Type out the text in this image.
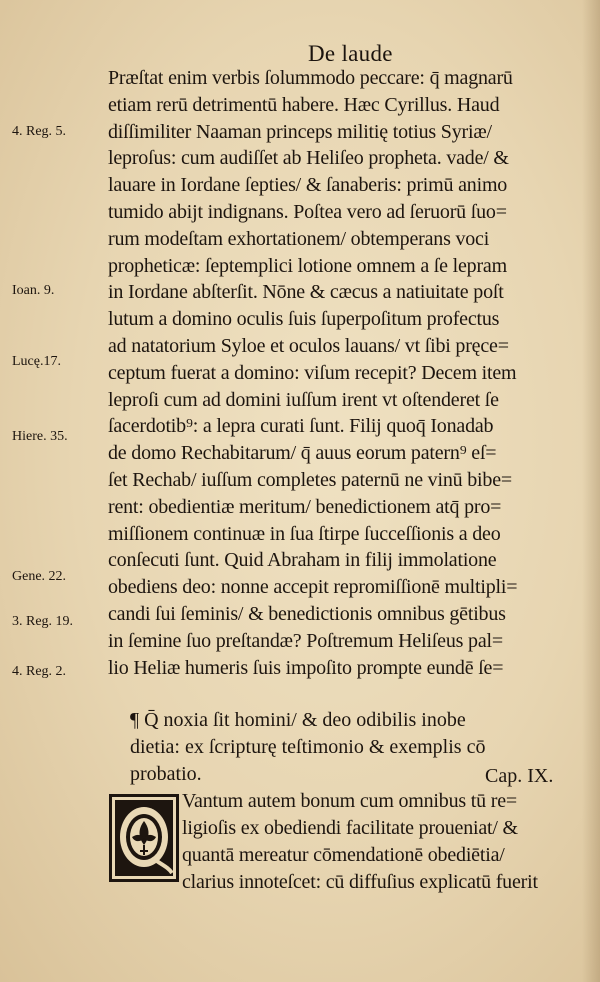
De laude
4. Reg. 5.
Ioan. 9.
Lucę.17.
Hiere. 35.
Gene. 22.
3. Reg. 19.
4. Reg. 2.
Præſtat enim verbis ſolummodo peccare: q̄ magnarū
etiam rerū detrimentū habere. Hæc Cyrillus. Haud
diſſimiliter Naaman princeps militię totius Syriæ/
leproſus: cum audiſſet ab Heliſeo propheta. vade/ &
lauare in Iordane ſepties/ & ſanaberis: primū animo
tumido abijt indignans. Poſtea vero ad ſeruorū ſuo=
rum modeſtam exhortationem/ obtemperans voci
propheticæ: ſeptemplici lotione omnem a ſe lepram
in Iordane abſterſit. Nōne & cæcus a natiuitate poſt
lutum a domino oculis ſuis ſuperpoſitum profectus
ad natatorium Syloe et oculos lauans/ vt ſibi pręce=
ceptum fuerat a domino: viſum recepit? Decem item
leproſi cum ad domini iuſſum irent vt oſtenderet ſe
ſacerdotib⁹: a lepra curati ſunt. Filij quoq̄ Ionadab
de domo Rechabitarum/ q̄ auus eorum patern⁹ eſ=
ſet Rechab/ iuſſum completes paternū ne vinū bibe=
rent: obedientiæ meritum/ benedictionem atq̄ pro=
miſſionem continuæ in ſua ſtirpe ſucceſſionis a deo
conſecuti ſunt. Quid Abraham in filij immolatione
obediens deo: nonne accepit repromiſſionē multipli=
candi ſui ſeminis/ & benedictionis omnibus gētibus
in ſemine ſuo preſtandæ? Poſtremum Heliſeus pal=
lio Heliæ humeris ſuis impoſito prompte eundē ſe=
¶ Q̄ noxia ſit homini/ & deo odibilis inobe
dietia: ex ſcripturę teſtimonio & exemplis cō
probatio.	Cap. IX.
Vantum autem bonum cum omnibus tū re=
ligioſis ex obediendi facilitate proueniat/ &
quantā mereatur cōmendationē obediētia/
clarius innoteſcet: cū diffuſius explicatū fuerit
